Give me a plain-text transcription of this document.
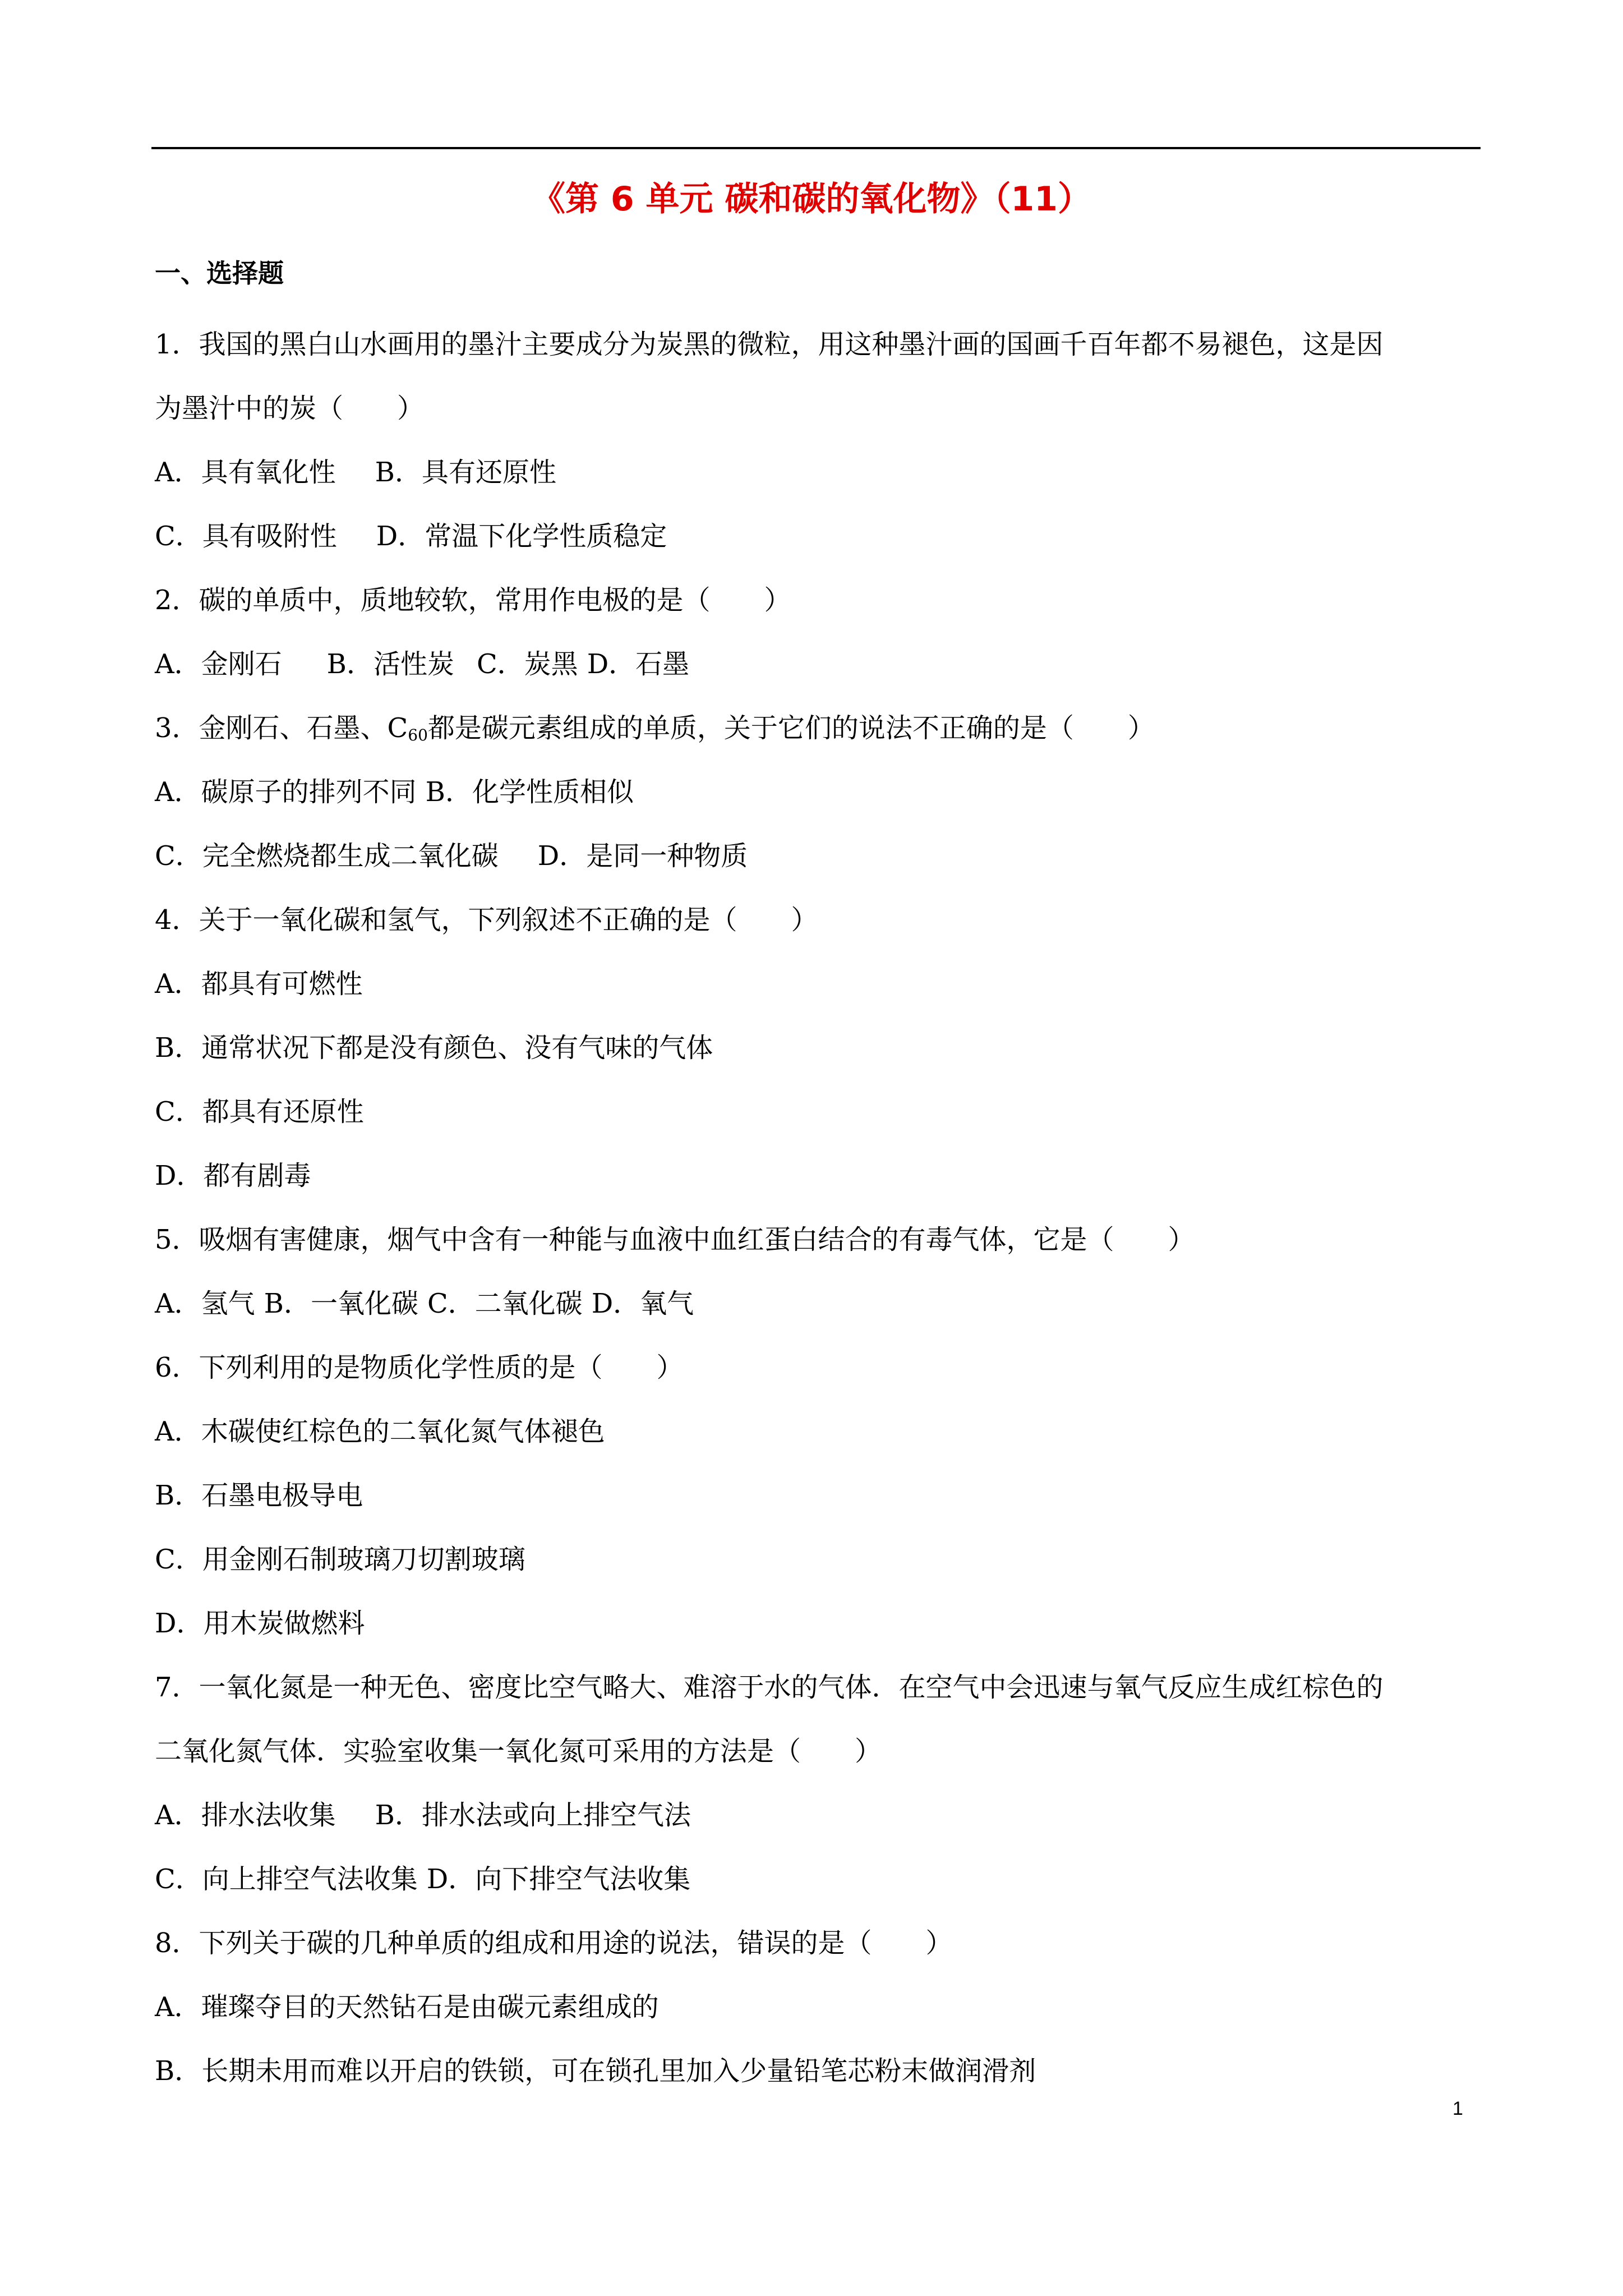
《第 6 单元 碳和碳的氧化物》（11）
一、选择题
1．我国的黑白山水画用的墨汁主要成分为炭黑的微粒，用这种墨汁画的国画千百年都不易褪色，这是因
为墨汁中的炭（　　）
A．具有氧化性 B．具有还原性
C．具有吸附性 D．常温下化学性质稳定
2．碳的单质中，质地较软，常用作电极的是（　　）
A．金刚石 B．活性炭 C．炭黑 D．石墨
3．金刚石、石墨、$C_{60}$都是碳元素组成的单质，关于它们的说法不正确的是（　　）
A．碳原子的排列不同 B．化学性质相似
C．完全燃烧都生成二氧化碳 D．是同一种物质
4．关于一氧化碳和氢气，下列叙述不正确的是（　　）
A．都具有可燃性
B．通常状况下都是没有颜色、没有气味的气体
C．都具有还原性
D．都有剧毒
5．吸烟有害健康，烟气中含有一种能与血液中血红蛋白结合的有毒气体，它是（　　）
A．氢气 B．一氧化碳 C．二氧化碳 D．氧气
6．下列利用的是物质化学性质的是（　　）
A．木碳使红棕色的二氧化氮气体褪色
B．石墨电极导电
C．用金刚石制玻璃刀切割玻璃
D．用木炭做燃料
7．一氧化氮是一种无色、密度比空气略大、难溶于水的气体．在空气中会迅速与氧气反应生成红棕色的
二氧化氮气体．实验室收集一氧化氮可采用的方法是（　　）
A．排水法收集 B．排水法或向上排空气法
C．向上排空气法收集 D．向下排空气法收集
8．下列关于碳的几种单质的组成和用途的说法，错误的是（　　）
A．璀璨夺目的天然钻石是由碳元素组成的
B．长期未用而难以开启的铁锁，可在锁孔里加入少量铅笔芯粉末做润滑剂
1
